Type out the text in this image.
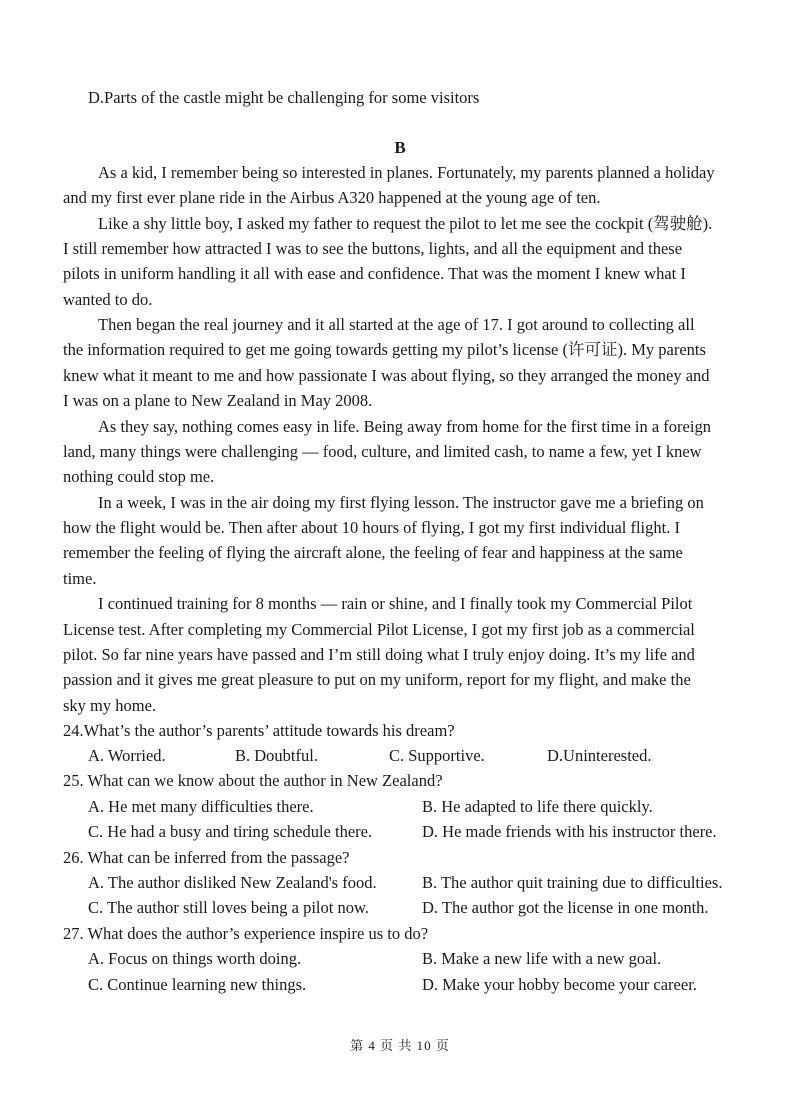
D.Parts of the castle might be challenging for some visitors
B
As a kid, I remember being so interested in planes. Fortunately, my parents planned a holiday
and my first ever plane ride in the Airbus A320 happened at the young age of ten.
Like a shy little boy, I asked my father to request the pilot to let me see the cockpit (驾驶舱).
I still remember how attracted I was to see the buttons, lights, and all the equipment and these
pilots in uniform handling it all with ease and confidence. That was the moment I knew what I
wanted to do.
Then began the real journey and it all started at the age of 17. I got around to collecting all
the information required to get me going towards getting my pilot’s license (许可证). My parents
knew what it meant to me and how passionate I was about flying, so they arranged the money and
I was on a plane to New Zealand in May 2008.
As they say, nothing comes easy in life. Being away from home for the first time in a foreign
land, many things were challenging — food, culture, and limited cash, to name a few, yet I knew
nothing could stop me.
In a week, I was in the air doing my first flying lesson. The instructor gave me a briefing on
how the flight would be. Then after about 10 hours of flying, I got my first individual flight. I
remember the feeling of flying the aircraft alone, the feeling of fear and happiness at the same
time.
I continued training for 8 months — rain or shine, and I finally took my Commercial Pilot
License test. After completing my Commercial Pilot License, I got my first job as a commercial
pilot. So far nine years have passed and I’m still doing what I truly enjoy doing. It’s my life and
passion and it gives me great pleasure to put on my uniform, report for my flight, and make the
sky my home.
24.What’s the author’s parents’ attitude towards his dream?
A. Worried.	B. Doubtful.	C. Supportive.	D.Uninterested.
25. What can we know about the author in New Zealand?
A. He met many difficulties there.	B. He adapted to life there quickly.
C. He had a busy and tiring schedule there.	D. He made friends with his instructor there.
26. What can be inferred from the passage?
A. The author disliked New Zealand's food.	B. The author quit training due to difficulties.
C. The author still loves being a pilot now.	D. The author got the license in one month.
27. What does the author’s experience inspire us to do?
A. Focus on things worth doing.	B. Make a new life with a new goal.
C. Continue learning new things.	D. Make your hobby become your career.
第 4 页 共 10 页
